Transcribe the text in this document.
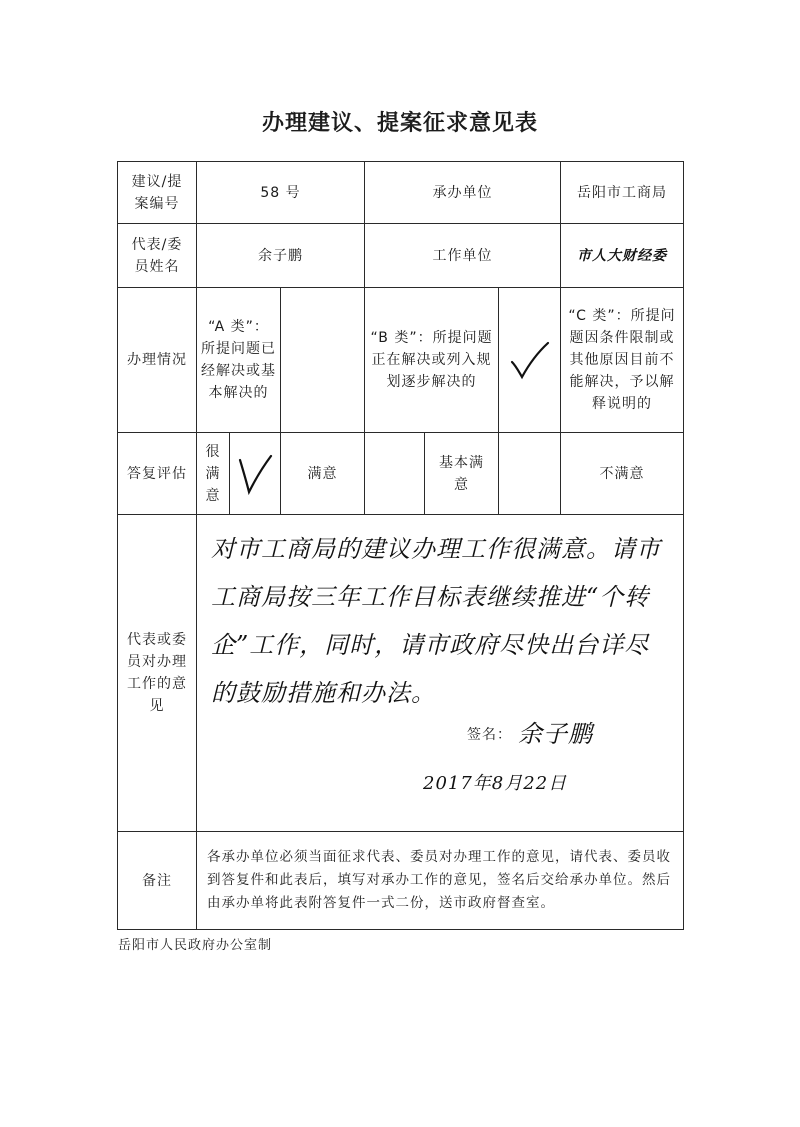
办理建议、提案征求意见表
建议/提案编号	58 号			承办单位			岳阳市工商局
代表/委员姓名	余子鹏			工作单位			市人大财经委
办理情况	“A 类”：所提问题已经解决或基本解决的			“B 类”：所提问题正在解决或列入规划逐步解决的			“C 类”：所提问题因条件限制或其他原因目前不能解决，予以解释说明的
答复评估	很满意		满意		基本满意		不满意
代表或委员对办理工作的意见	对市工商局的建议办理工作很满意。请市工商局按三年工作目标表继续推进“个转企”工作，同时，请市政府尽快出台详尽的鼓励措施和办法。
签名： 余子鹏
2017年8月22日						

备注	各承办单位必须当面征求代表、委员对办理工作的意见，请代表、委员收到答复件和此表后，填写对承办工作的意见，签名后交给承办单位。然后由承办单将此表附答复件一式二份，送市政府督查室。						
岳阳市人民政府办公室制
